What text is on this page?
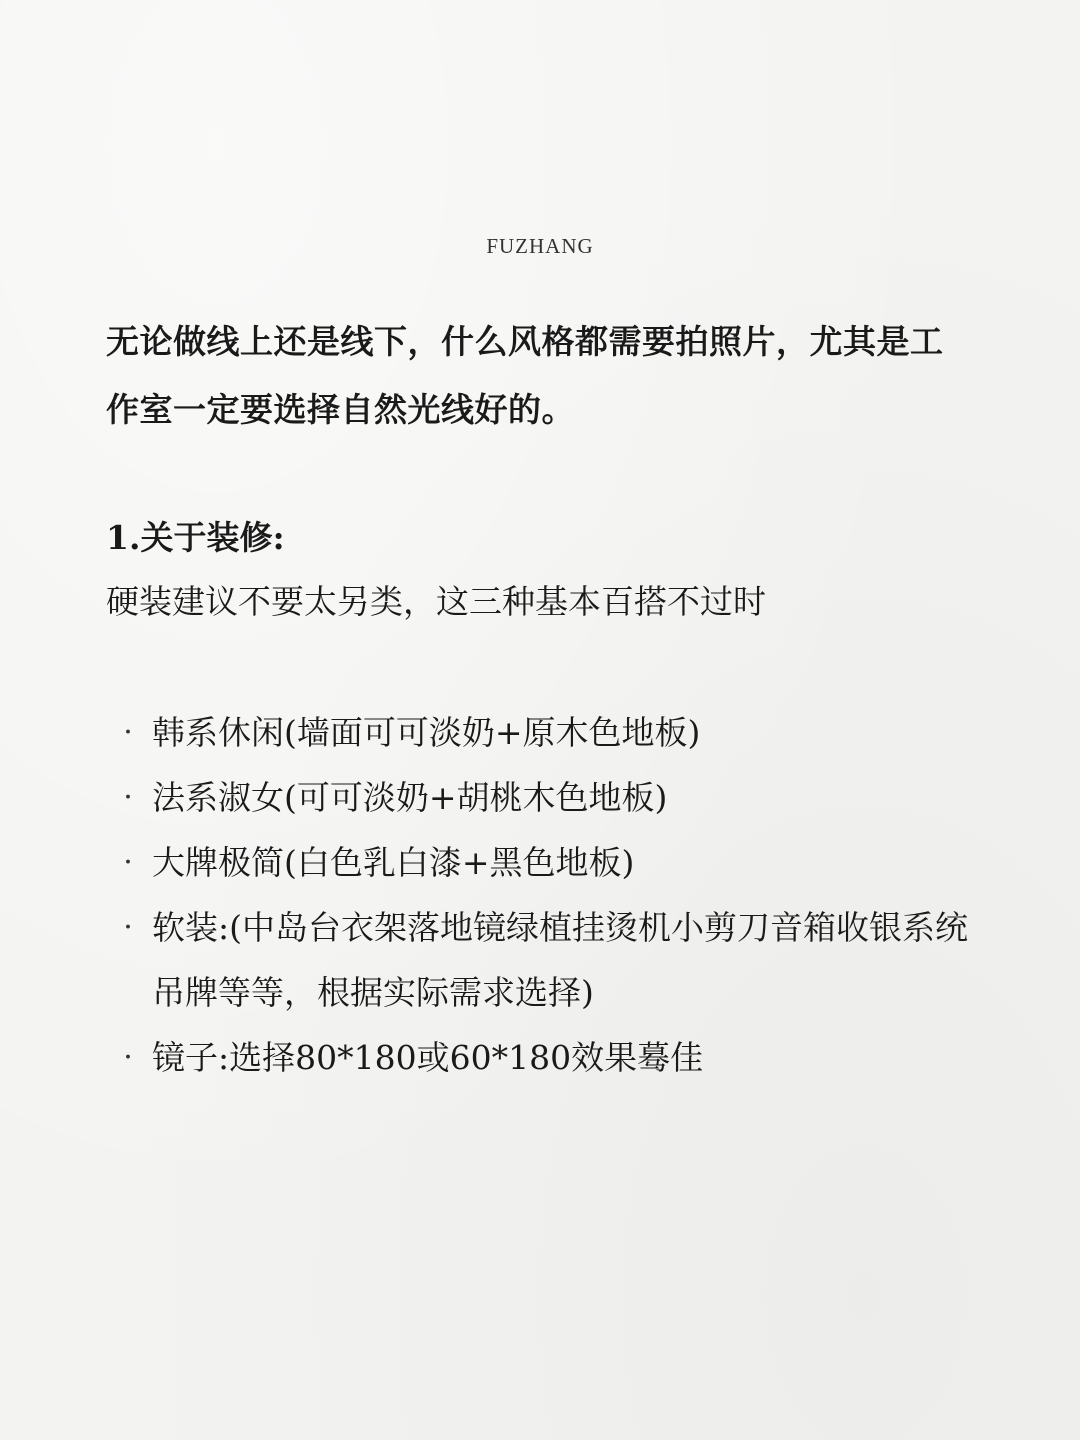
FUZHANG

无论做线上还是线下，什么风格都需要拍照片，尤其是工作室一定要选择自然光线好的。

1.关于装修:

硬装建议不要太另类，这三种基本百搭不过时

· 韩系休闲(墙面可可淡奶+原木色地板)
· 法系淑女(可可淡奶+胡桃木色地板)
· 大牌极简(白色乳白漆+黑色地板)
· 软装:(中岛台衣架落地镜绿植挂烫机小剪刀音箱收银系统吊牌等等，根据实际需求选择)
· 镜子:选择80*180或60*180效果蓦佳
